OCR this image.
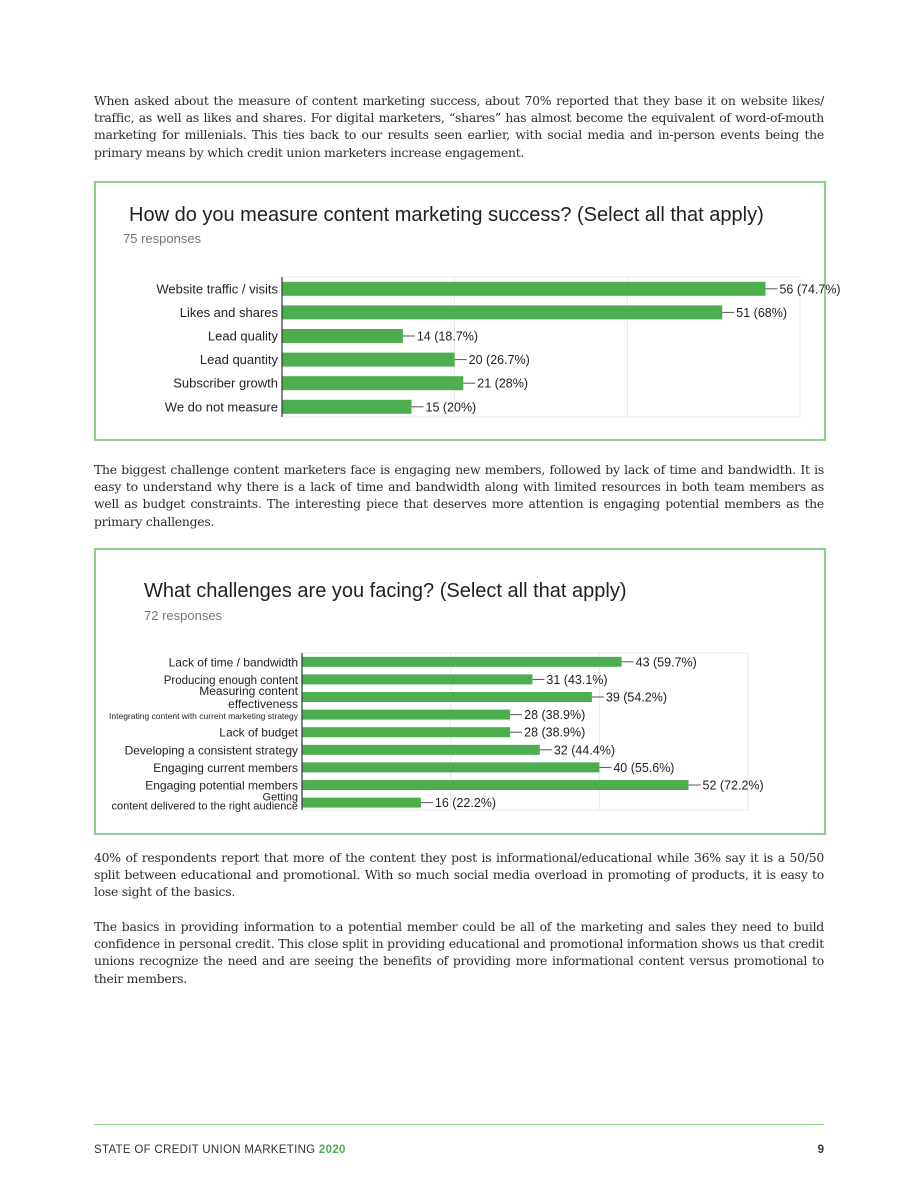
When asked about the measure of content marketing success, about 70% reported that they base it on website likes/ traffic, as well as likes and shares. For digital marketers, “shares” has almost become the equivalent of word-of-mouth marketing for millenials. This ties back to our results seen earlier, with social media and in-person events being the primary means by which credit union marketers increase engagement.

How do you measure content marketing success? (Select all that apply)
75 responses
56 (74.7%)
Website traffic / visits
51 (68%)
Likes and shares
14 (18.7%)
Lead quality
20 (26.7%)
Lead quantity
21 (28%)
Subscriber growth
15 (20%)
We do not measure

The biggest challenge content marketers face is engaging new members, followed by lack of time and bandwidth. It is easy to understand why there is a lack of time and bandwidth along with limited resources in both team members as well as budget constraints. The interesting piece that deserves more attention is engaging potential members as the primary challenges.

What challenges are you facing? (Select all that apply)
72 responses
43 (59.7%)
Lack of time / bandwidth
31 (43.1%)
Producing enough content
39 (54.2%)
Measuring content effectiveness
28 (38.9%)
Integrating content with current marketing strategy
28 (38.9%)
Lack of budget
32 (44.4%)
Developing a consistent strategy
40 (55.6%)
Engaging current members
52 (72.2%)
Engaging potential members
16 (22.2%)
Getting content delivered to the right audience

40% of respondents report that more of the content they post is informational/educational while 36% say it is a 50/50 split between educational and promotional. With so much social media overload in promoting of products, it is easy to lose sight of the basics.

The basics in providing information to a potential member could be all of the marketing and sales they need to build confidence in personal credit. This close split in providing educational and promotional information shows us that credit unions recognize the need and are seeing the benefits of providing more informational content versus promotional to their members.

STATE OF CREDIT UNION MARKETING 2020	9
